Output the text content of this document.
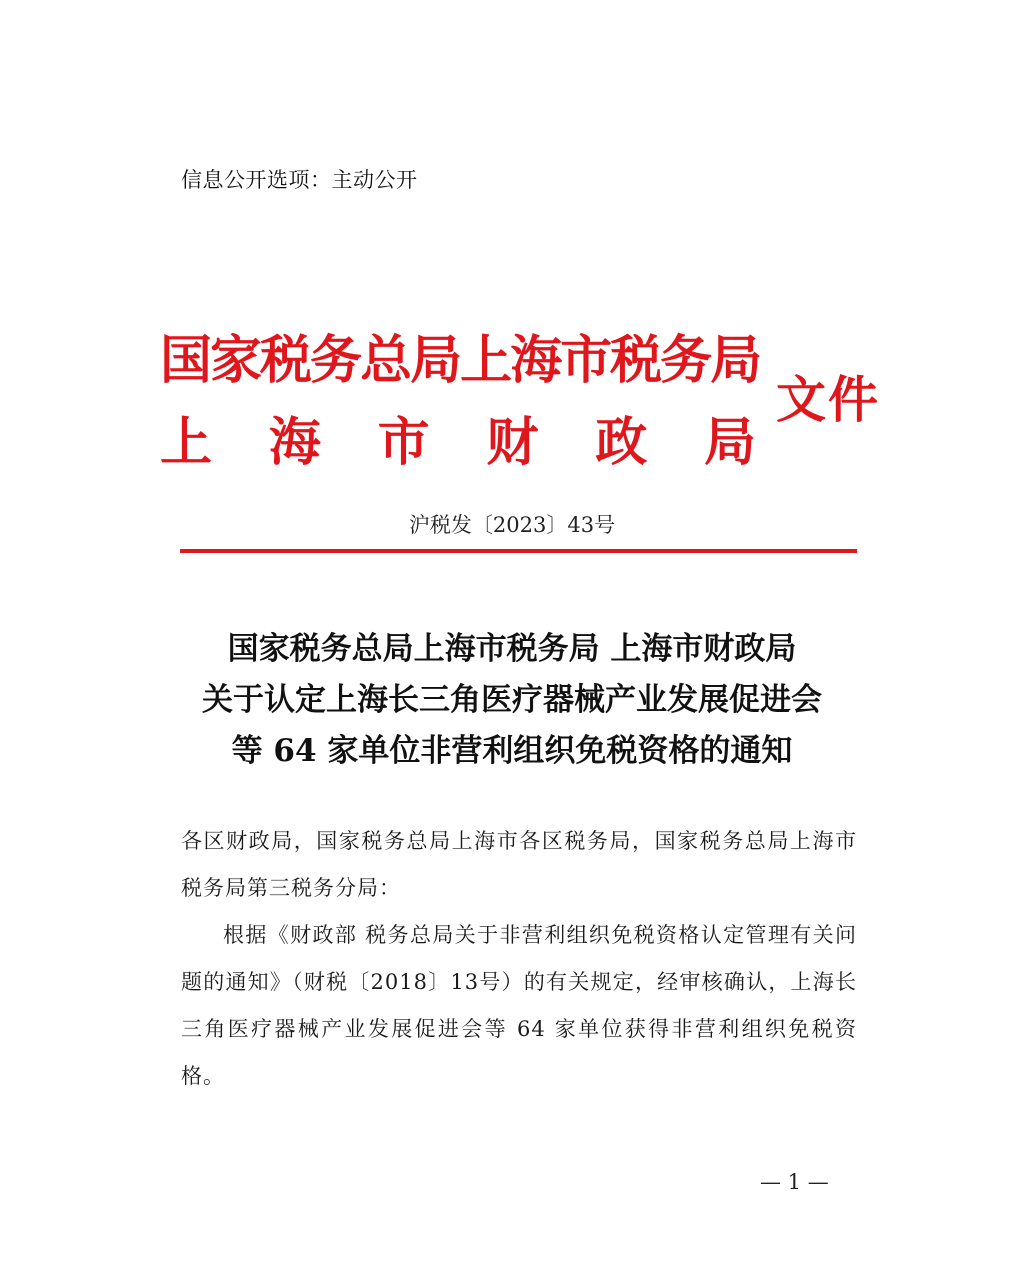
信息公开选项：主动公开
国 家 税 务 总 局 上 海 市 税 务 局
上 海 市 财 政 局
文件
沪税发〔2023〕43号
国家税务总局上海市税务局 上海市财政局
关于认定上海长三角医疗器械产业发展促进会
等 64 家单位非营利组织免税资格的通知

各区财政局，国家税务总局上海市各区税务局，国家税务总局上海市税务局第三税务分局：

根据《财政部 税务总局关于非营利组织免税资格认定管理有关问题的通知》（财税〔2018〕13号）的有关规定，经审核确认，上海长三角医疗器械产业发展促进会等 64 家单位获得非营利组织免税资格。

— 1 —
